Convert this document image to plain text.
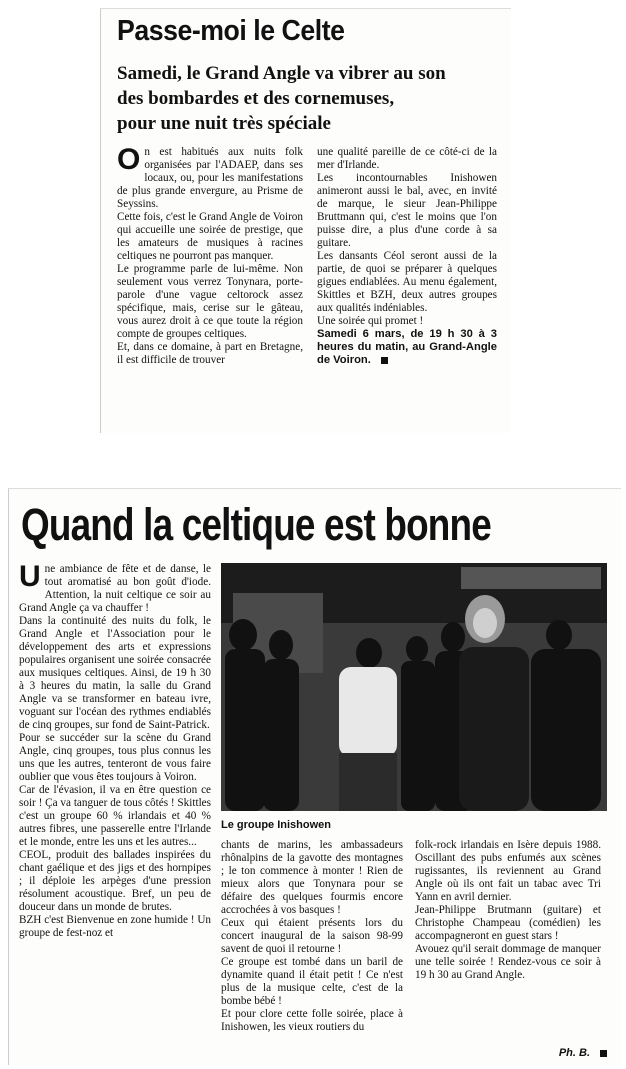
Passe-moi le Celte
Samedi, le Grand Angle va vibrer au son
des bombardes et des cornemuses,
pour une nuit très spéciale

On est habitués aux nuits folk organisées par l'ADAEP, dans ses locaux, ou, pour les manifestations de plus grande envergure, au Prisme de Seyssins.

Cette fois, c'est le Grand Angle de Voiron qui accueille une soirée de prestige, que les amateurs de musiques à racines celtiques ne pourront pas manquer.

Le programme parle de lui-même. Non seulement vous verrez Tonynara, porte-parole d'une vague celtorock assez spécifique, mais, cerise sur le gâteau, vous aurez droit à ce que toute la région compte de groupes celtiques.

Et, dans ce domaine, à part en Bretagne, il est difficile de trouver

une qualité pareille de ce côté-ci de la mer d'Irlande.

Les incontournables Inishowen animeront aussi le bal, avec, en invité de marque, le sieur Jean-Philippe Bruttmann qui, c'est le moins que l'on puisse dire, a plus d'une corde à sa guitare.

Les dansants Céol seront aussi de la partie, de quoi se préparer à quelques gigues endiablées. Au menu également, Skittles et BZH, deux autres groupes aux qualités indéniables.

Une soirée qui promet !

Samedi 6 mars, de 19 h 30 à 3 heures du matin, au Grand-Angle de Voiron.

Quand la celtique est bonne

Une ambiance de fête et de danse, le tout aromatisé au bon goût d'iode. Attention, la nuit celtique ce soir au Grand Angle ça va chauffer !

Dans la continuité des nuits du folk, le Grand Angle et l'Association pour le développement des arts et expressions populaires organisent une soirée consacrée aux musiques celtiques. Ainsi, de 19 h 30 à 3 heures du matin, la salle du Grand Angle va se transformer en bateau ivre, voguant sur l'océan des rythmes endiablés de cinq groupes, sur fond de Saint-Patrick.

Pour se succéder sur la scène du Grand Angle, cinq groupes, tous plus connus les uns que les autres, tenteront de vous faire oublier que vous êtes toujours à Voiron.

Car de l'évasion, il va en être question ce soir ! Ça va tanguer de tous côtés ! Skittles c'est un groupe 60 % irlandais et 40 % autres fibres, une passerelle entre l'Irlande et le monde, entre les uns et les autres...

CEOL, produit des ballades inspirées du chant gaélique et des jigs et des hornpipes ; il déploie les arpèges d'une pression résolument acoustique. Bref, un peu de douceur dans un monde de brutes.

BZH c'est Bienvenue en zone humide ! Un groupe de fest-noz et

Le groupe Inishowen

chants de marins, les ambassadeurs rhônalpins de la gavotte des montagnes ; le ton commence à monter ! Rien de mieux alors que Tonynara pour se défaire des quelques fourmis encore accrochées à vos basques !

Ceux qui étaient présents lors du concert inaugural de la saison 98-99 savent de quoi il retourne !

Ce groupe est tombé dans un baril de dynamite quand il était petit ! Ce n'est plus de la musique celte, c'est de la bombe bébé !

Et pour clore cette folle soirée, place à Inishowen, les vieux routiers du

folk-rock irlandais en Isère depuis 1988. Oscillant des pubs enfumés aux scènes rugissantes, ils reviennent au Grand Angle où ils ont fait un tabac avec Tri Yann en avril dernier.

Jean-Philippe Brutmann (guitare) et Christophe Champeau (comédien) les accompagneront en guest stars !

Avouez qu'il serait dommage de manquer une telle soirée ! Rendez-vous ce soir à 19 h 30 au Grand Angle.

Ph. B.
